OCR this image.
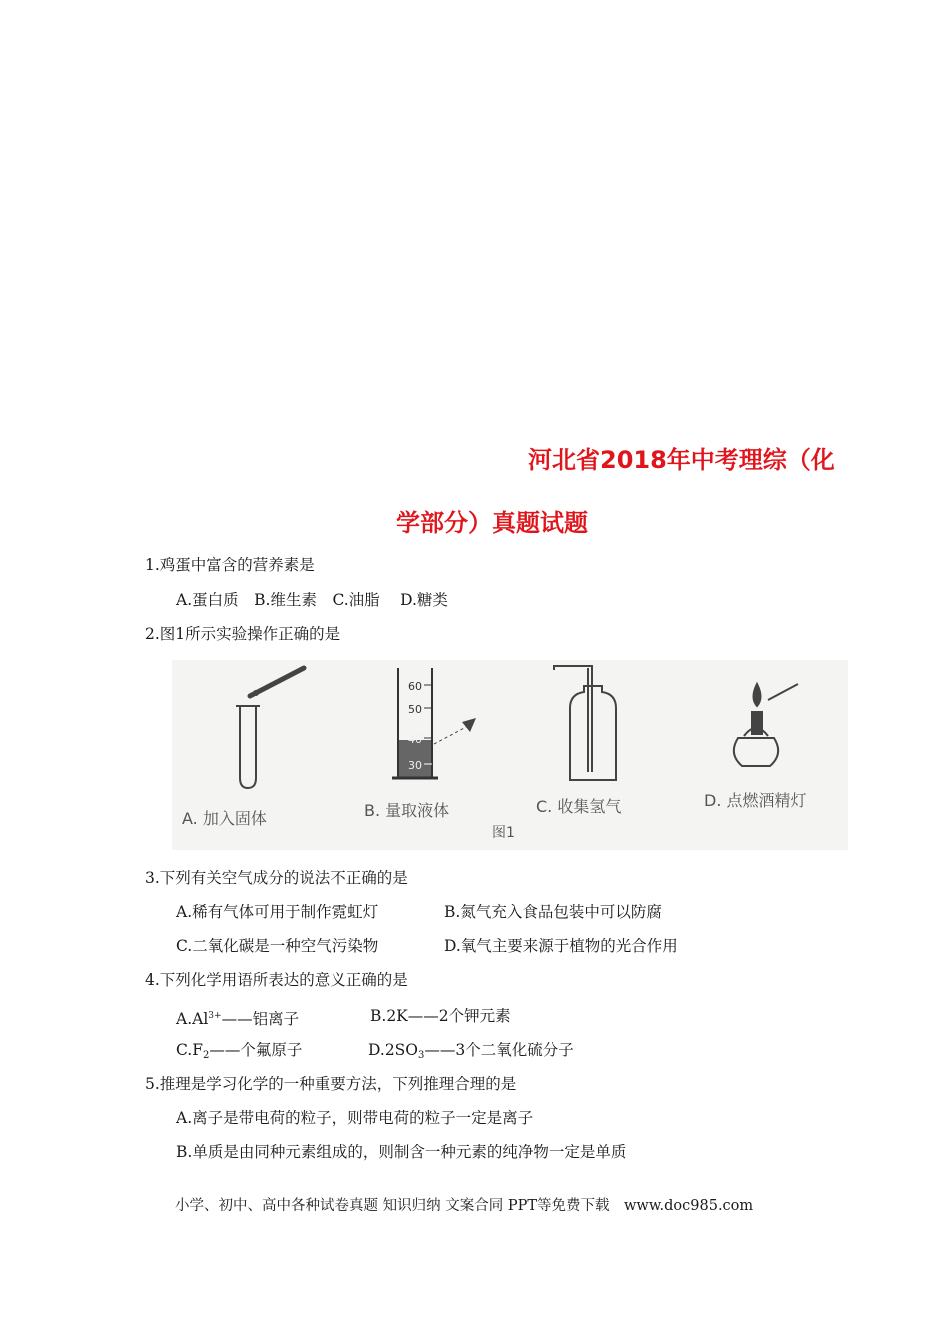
河北省2018年中考理综（化
学部分）真题试题
1.鸡蛋中富含的营养素是
A.蛋白质　B.维生素　C.油脂　 D.糖类
2.图1所示实验操作正确的是
60
50
40
30
A. 加入固体	B. 量取液体	C. 收集氢气	D. 点燃酒精灯
图1
3.下列有关空气成分的说法不正确的是
A.稀有气体可用于制作霓虹灯	B.氮气充入食品包装中可以防腐
C.二氧化碳是一种空气污染物	D.氧气主要来源于植物的光合作用
4.下列化学用语所表达的意义正确的是
$A.Al^{3+}——$铝离子	B.2K——2个钾元素
$C.F_2——$个氟原子	$D.2SO_3——3$个二氧化硫分子
5.推理是学习化学的一种重要方法，下列推理合理的是
A.离子是带电荷的粒子，则带电荷的粒子一定是离子
B.单质是由同种元素组成的，则制含一种元素的纯净物一定是单质
小学、初中、高中各种试卷真题 知识归纳 文案合同 PPT等免费下载　www.doc985.com
